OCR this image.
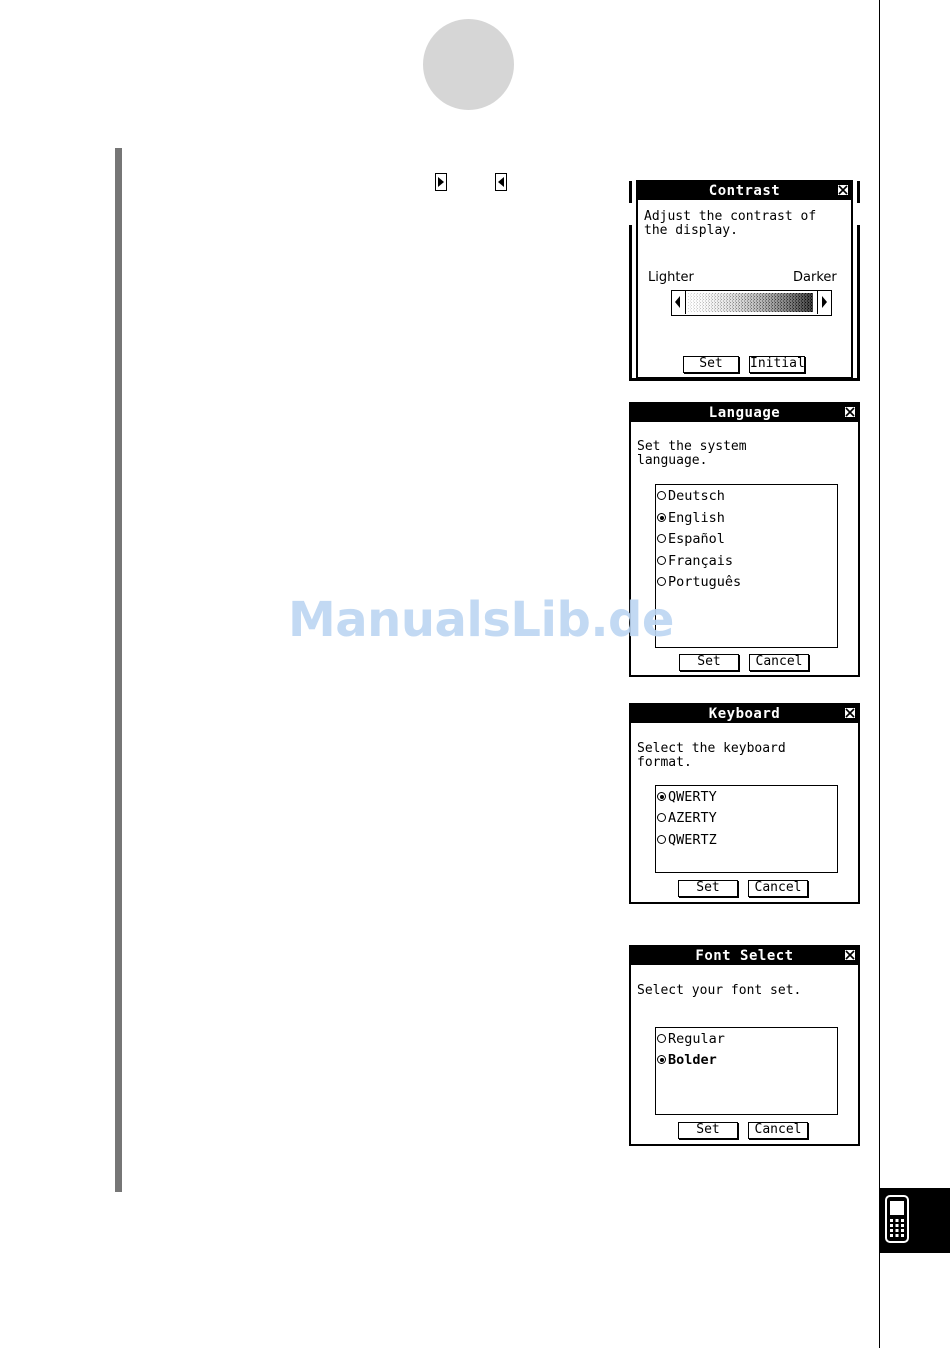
Contrast
Adjust the contrast of
the display.
Lighter	Darker
Set	Initial
Language
Set the system
language.
Deutsch
English
Español
Français
Português
Set	Cancel
Keyboard
Select the keyboard
format.
QWERTY
AZERTY
QWERTZ
Set	Cancel
Font Select
Select your font set.
Regular
Bolder
Set	Cancel
ManualsLib.de
